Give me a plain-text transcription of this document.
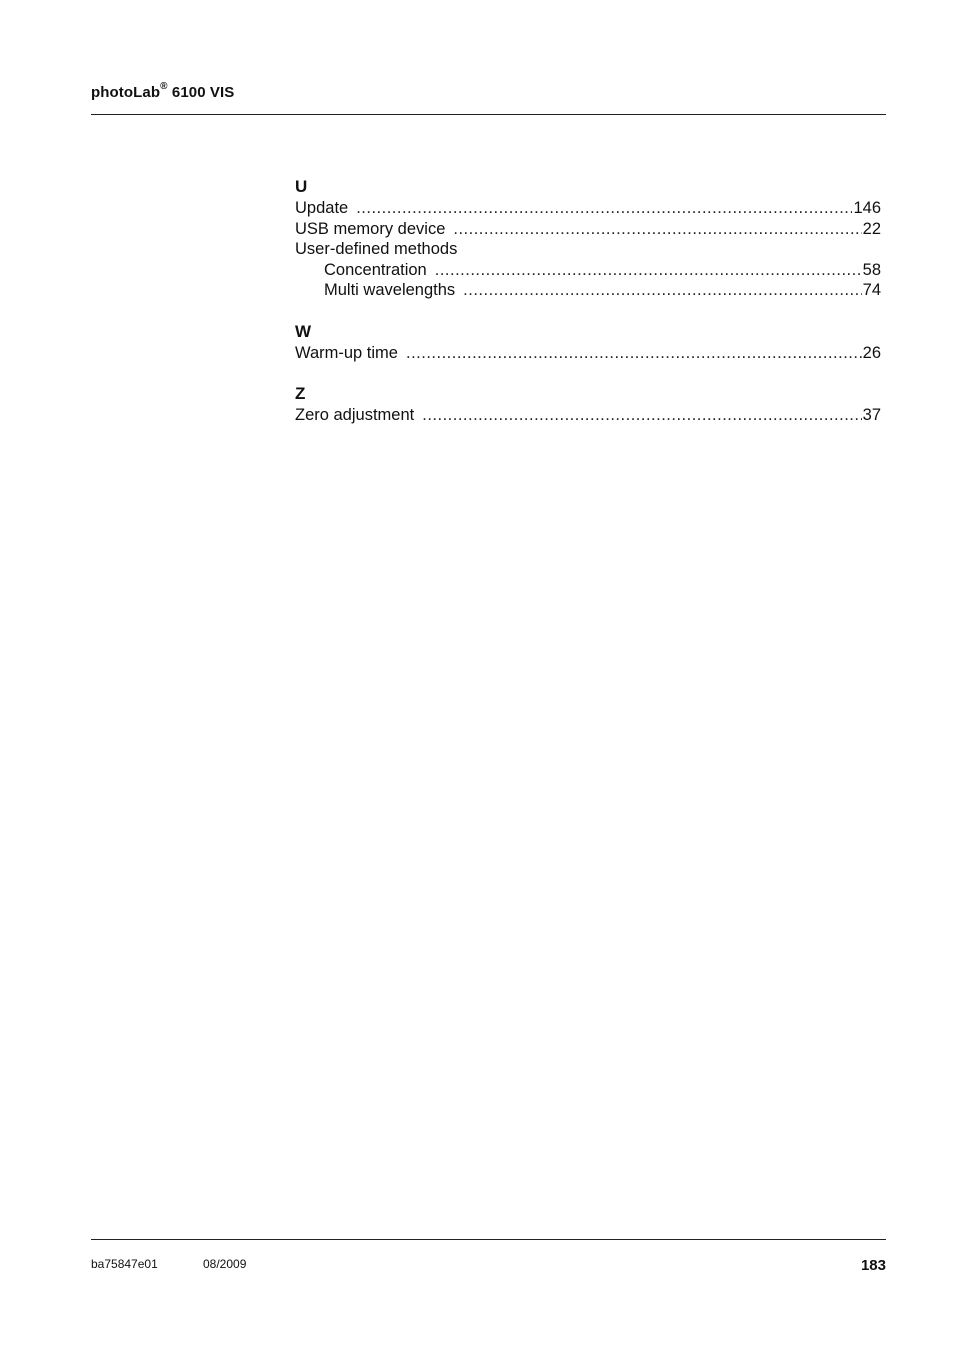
photoLab® 6100 VIS
U
Update .....	146
USB memory device .....	22
User-defined methods
Concentration .....	58
Multi wavelengths .....	74
W
Warm-up time .....	26
Z
Zero adjustment .....	37
ba75847e01	08/2009	183
